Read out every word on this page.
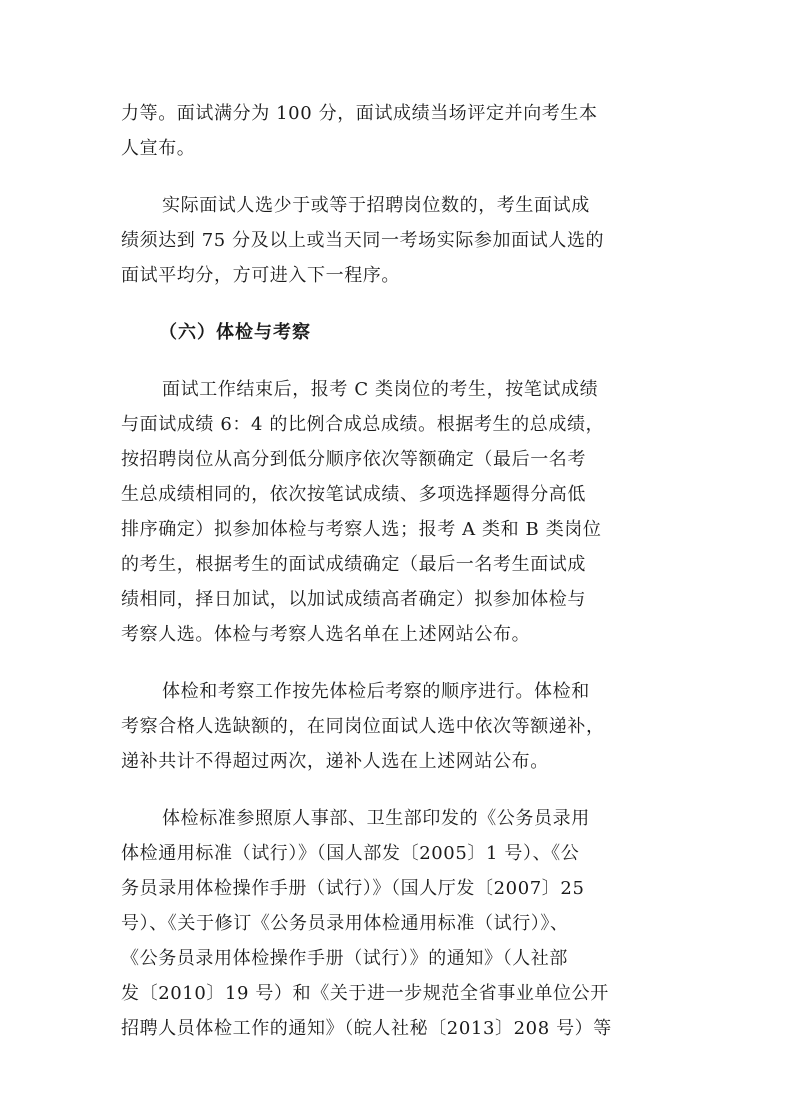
力等。面试满分为 100 分，面试成绩当场评定并向考生本
人宣布。

实际面试人选少于或等于招聘岗位数的，考生面试成
绩须达到 75 分及以上或当天同一考场实际参加面试人选的
面试平均分，方可进入下一程序。

（六）体检与考察

面试工作结束后，报考 C 类岗位的考生，按笔试成绩
与面试成绩 6：4 的比例合成总成绩。根据考生的总成绩，
按招聘岗位从高分到低分顺序依次等额确定（最后一名考
生总成绩相同的，依次按笔试成绩、多项选择题得分高低
排序确定）拟参加体检与考察人选；报考 A 类和 B 类岗位
的考生，根据考生的面试成绩确定（最后一名考生面试成
绩相同，择日加试，以加试成绩高者确定）拟参加体检与
考察人选。体检与考察人选名单在上述网站公布。

体检和考察工作按先体检后考察的顺序进行。体检和
考察合格人选缺额的，在同岗位面试人选中依次等额递补，
递补共计不得超过两次，递补人选在上述网站公布。

体检标准参照原人事部、卫生部印发的《公务员录用
体检通用标准（试行）》（国人部发〔2005〕1 号）、《公
务员录用体检操作手册（试行）》（国人厅发〔2007〕25
号）、《关于修订《公务员录用体检通用标准（试行）》、
《公务员录用体检操作手册（试行）》的通知》（人社部
发〔2010〕19 号）和《关于进一步规范全省事业单位公开
招聘人员体检工作的通知》（皖人社秘〔2013〕208 号）等
